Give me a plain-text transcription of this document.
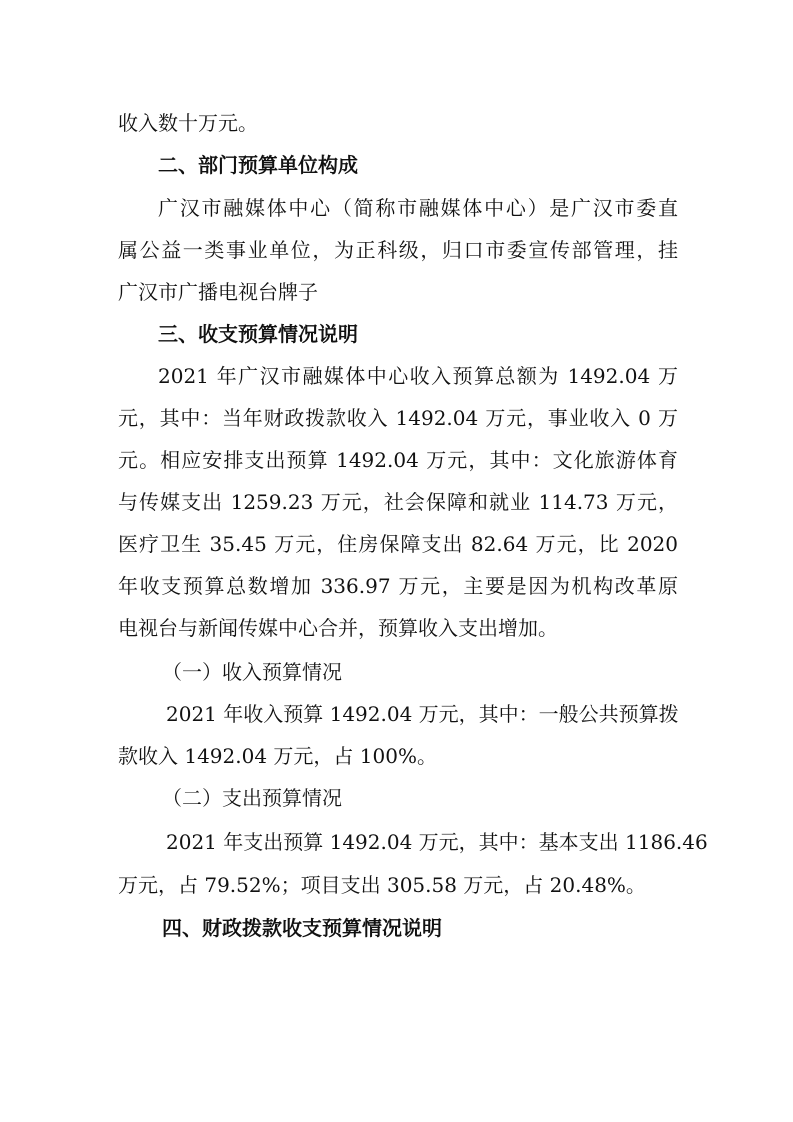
收入数十万元。

二、部门预算单位构成

广汉市融媒体中心（简称市融媒体中心）是广汉市委直

属公益一类事业单位，为正科级，归口市委宣传部管理，挂

广汉市广播电视台牌子

三、收支预算情况说明

2021 年广汉市融媒体中心收入预算总额为 1492.04 万

元，其中：当年财政拨款收入 1492.04 万元，事业收入 0 万

元。相应安排支出预算 1492.04 万元，其中：文化旅游体育

与传媒支出 1259.23 万元，社会保障和就业 114.73 万元，

医疗卫生 35.45 万元，住房保障支出 82.64 万元，比 2020

年收支预算总数增加 336.97 万元，主要是因为机构改革原

电视台与新闻传媒中心合并，预算收入支出增加。

（一）收入预算情况

2021 年收入预算 1492.04 万元，其中：一般公共预算拨

款收入 1492.04 万元，占 100%。

（二）支出预算情况

2021 年支出预算 1492.04 万元，其中：基本支出 1186.46

万元，占 79.52%；项目支出 305.58 万元，占 20.48%。

四、财政拨款收支预算情况说明
